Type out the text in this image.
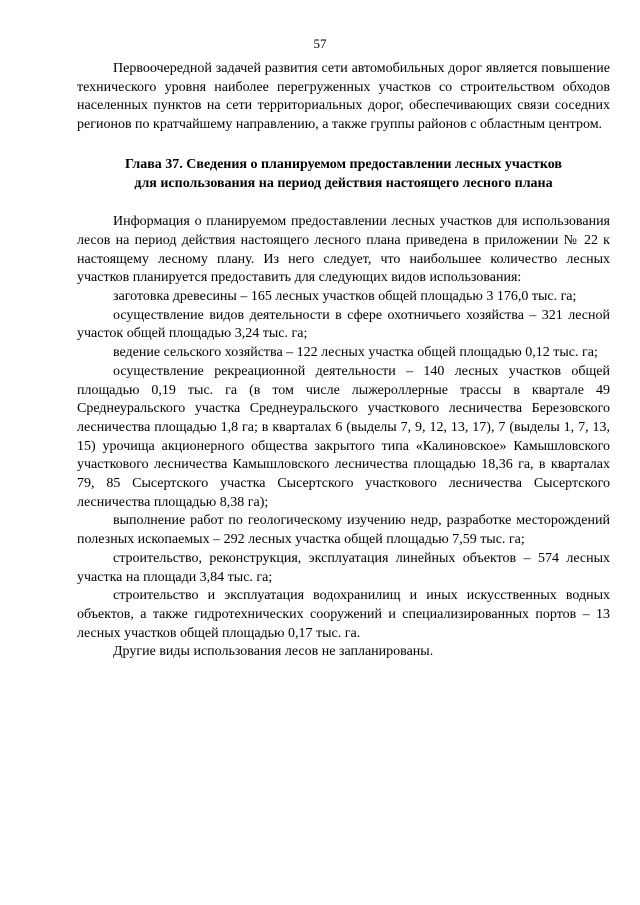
57

Первоочередной задачей развития сети автомобильных дорог является повышение технического уровня наиболее перегруженных участков со строительством обходов населенных пунктов на сети территориальных дорог, обеспечивающих связи соседних регионов по кратчайшему направлению, а также группы районов с областным центром.

Глава 37. Сведения о планируемом предоставлении лесных участков
для использования на период действия настоящего лесного плана

Информация о планируемом предоставлении лесных участков для использования лесов на период действия настоящего лесного плана приведена в приложении № 22 к настоящему лесному плану. Из него следует, что наибольшее количество лесных участков планируется предоставить для следующих видов использования:

заготовка древесины – 165 лесных участков общей площадью 3 176,0 тыс. га;

осуществление видов деятельности в сфере охотничьего хозяйства – 321 лесной участок общей площадью 3,24 тыс. га;

ведение сельского хозяйства – 122 лесных участка общей площадью 0,12 тыс. га;

осуществление рекреационной деятельности – 140 лесных участков общей площадью 0,19 тыс. га (в том числе лыжероллерные трассы в квартале 49 Среднеуральского участка Среднеуральского участкового лесничества Березовского лесничества площадью 1,8 га; в кварталах 6 (выделы 7, 9, 12, 13, 17), 7 (выделы 1, 7, 13, 15) урочища акционерного общества закрытого типа «Калиновское» Камышловского участкового лесничества Камышловского лесничества площадью 18,36 га, в кварталах 79, 85 Сысертского участка Сысертского участкового лесничества Сысертского лесничества площадью 8,38 га);

выполнение работ по геологическому изучению недр, разработке месторождений полезных ископаемых – 292 лесных участка общей площадью 7,59 тыс. га;

строительство, реконструкция, эксплуатация линейных объектов – 574 лесных участка на площади 3,84 тыс. га;

строительство и эксплуатация водохранилищ и иных искусственных водных объектов, а также гидротехнических сооружений и специализированных портов – 13 лесных участков общей площадью 0,17 тыс. га.

Другие виды использования лесов не запланированы.
